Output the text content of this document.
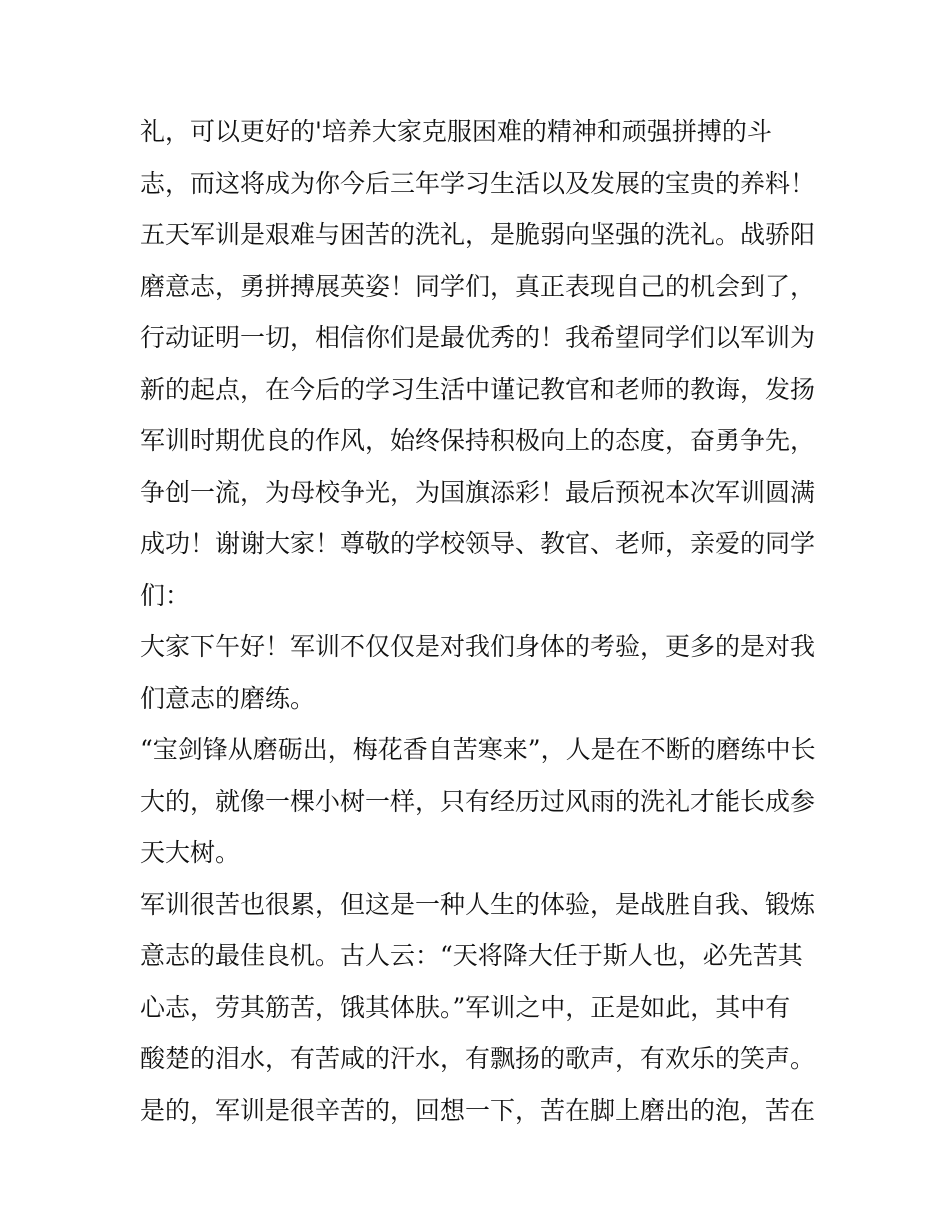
礼，可以更好的'培养大家克服困难的精神和顽强拼搏的斗
志，而这将成为你今后三年学习生活以及发展的宝贵的养料！
五天军训是艰难与困苦的洗礼，是脆弱向坚强的洗礼。战骄阳
磨意志，勇拼搏展英姿！同学们，真正表现自己的机会到了，
行动证明一切，相信你们是最优秀的！我希望同学们以军训为
新的起点，在今后的学习生活中谨记教官和老师的教诲，发扬
军训时期优良的作风，始终保持积极向上的态度，奋勇争先，
争创一流，为母校争光，为国旗添彩！最后预祝本次军训圆满
成功！谢谢大家！尊敬的学校领导、教官、老师，亲爱的同学
们：
大家下午好！军训不仅仅是对我们身体的考验，更多的是对我
们意志的磨练。
“宝剑锋从磨砺出，梅花香自苦寒来”，人是在不断的磨练中长
大的，就像一棵小树一样，只有经历过风雨的洗礼才能长成参
天大树。
军训很苦也很累，但这是一种人生的体验，是战胜自我、锻炼
意志的最佳良机。古人云：“天将降大任于斯人也，必先苦其
心志，劳其筋苦，饿其体肤。”军训之中，正是如此，其中有
酸楚的泪水，有苦咸的汗水，有飘扬的歌声，有欢乐的笑声。
是的，军训是很辛苦的，回想一下，苦在脚上磨出的泡，苦在
